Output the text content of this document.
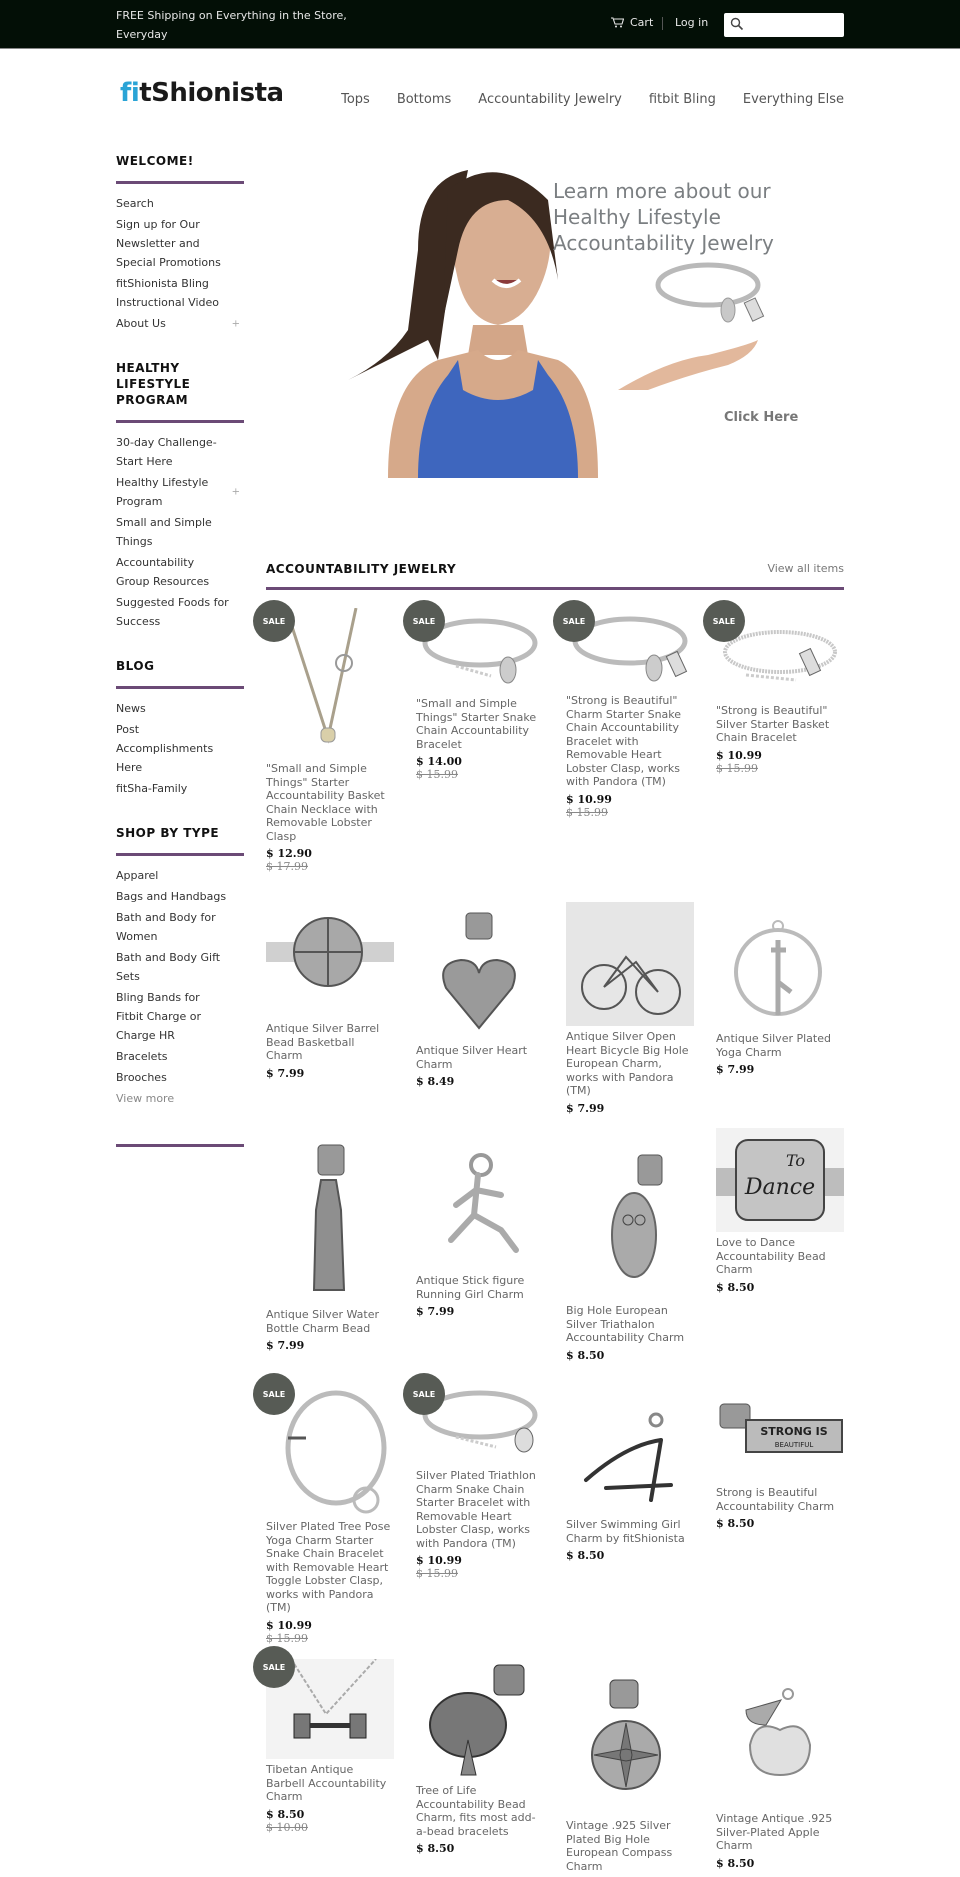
FREE Shipping on Everything in the Store, Everyday
Cart Log in
fitShionista	Tops Bottoms Accountability Jewelry fitbit Bling Everything Else
WELCOME!
Search
Sign up for Our Newsletter and Special Promotions
fitShionista Bling Instructional Video
About Us	+
HEALTHY LIFESTYLE PROGRAM
30-day Challenge- Start Here
Healthy Lifestyle Program
+
Small and Simple Things
Accountability Group Resources
Suggested Foods for Success
BLOG
News
Post Accomplishments Here
fitSha-Family
SHOP BY TYPE
Apparel
Bags and Handbags
Bath and Body for Women
Bath and Body Gift Sets
Bling Bands for Fitbit Charge or Charge HR
Bracelets
Brooches
View more
Learn more about our Healthy Lifestyle Accountability Jewelry
Click Here
ACCOUNTABILITY JEWELRY	View all items
"Small and Simple Things" Starter Accountability Basket Chain Necklace with Removable Lobster Clasp
$ 12.90
$ 17.99
SALE
"Small and Simple Things" Starter Snake Chain Accountability Bracelet
$ 14.00
$ 15.99
SALE
"Strong is Beautiful" Charm Starter Snake Chain Accountability Bracelet with Removable Heart Lobster Clasp, works with Pandora (TM)
$ 10.99
$ 15.99
SALE
"Strong is Beautiful" Silver Starter Basket Chain Bracelet
$ 10.99
$ 15.99
SALE
Antique Silver Barrel Bead Basketball Charm
$ 7.99
Antique Silver Heart Charm
$ 8.49
Antique Silver Open Heart Bicycle Big Hole European Charm, works with Pandora (TM)
$ 7.99
Antique Silver Plated Yoga Charm
$ 7.99
Antique Silver Water Bottle Charm Bead
$ 7.99
Antique Stick figure Running Girl Charm
$ 7.99	Big Hole European Silver Triathalon Accountability Charm
$ 8.50
Dance
To
Love to Dance Accountability Bead Charm
$ 8.50
Silver Plated Tree Pose Yoga Charm Starter Snake Chain Bracelet with Removable Heart Toggle Lobster Clasp, works with Pandora (TM)
$ 10.99
$ 15.99
SALE
Silver Plated Triathlon Charm Snake Chain Starter Bracelet with Removable Heart Lobster Clasp, works with Pandora (TM)
$ 10.99
$ 15.99
SALE
Silver Swimming Girl Charm by fitShionista
$ 8.50
STRONG IS
BEAUTIFUL
Strong is Beautiful Accountability Charm
$ 8.50
Tibetan Antique Barbell Accountability Charm
$ 8.50
$ 10.00
SALE
Tree of Life Accountability Bead Charm, fits most add-a-bead bracelets
$ 8.50
Vintage .925 Silver Plated Big Hole European Compass Charm
Vintage Antique .925 Silver-Plated Apple Charm
$ 8.50
